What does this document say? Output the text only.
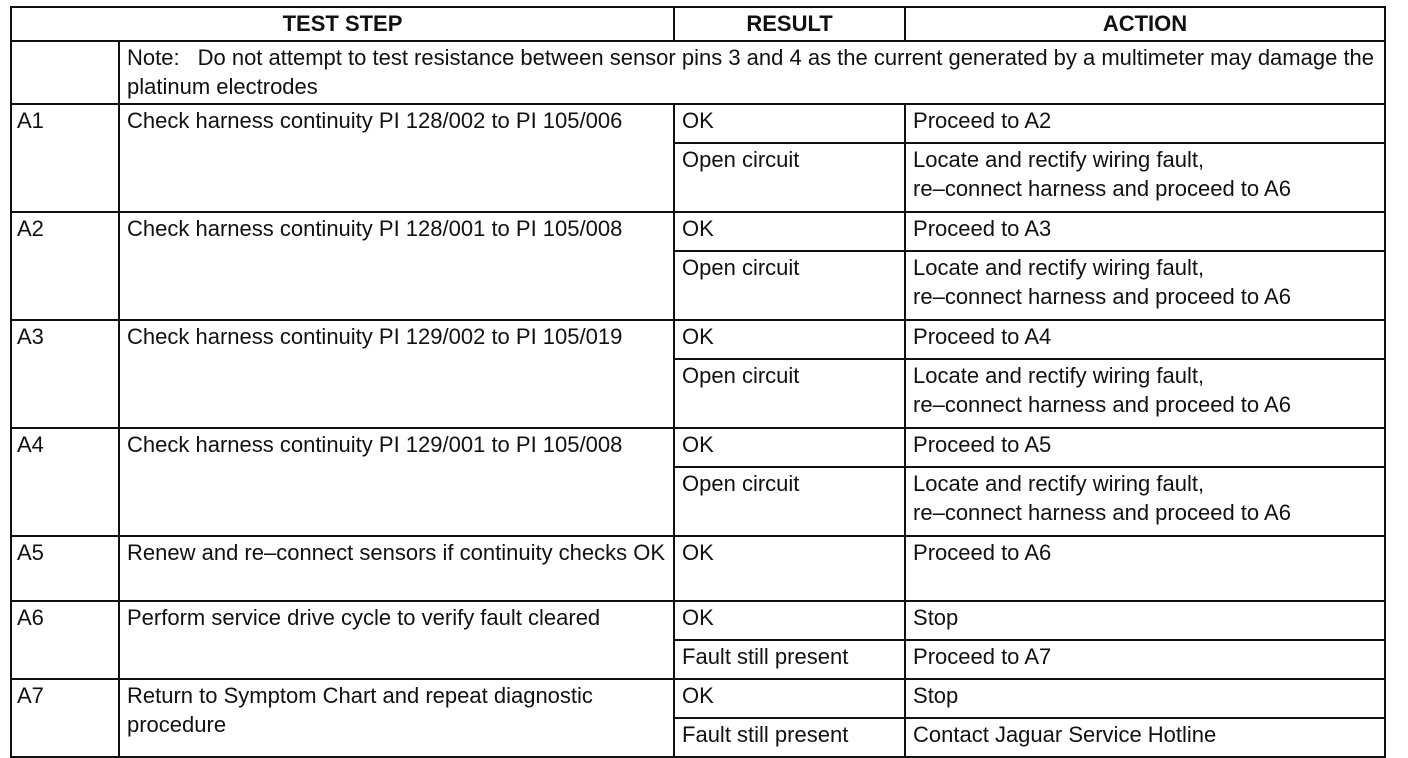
TEST STEP		RESULT	ACTION
	Note: Do not attempt to test resistance between sensor pins 3 and 4 as the current generated by a multimeter may damage the platinum electrodes		
A1	Check harness continuity PI 128/002 to PI 105/006	OK	Proceed to A2

		Open circuit	Locate and rectify wiring fault,
re–connect harness and proceed to A6

A2	Check harness continuity PI 128/001 to PI 105/008	OK	Proceed to A3

		Open circuit	Locate and rectify wiring fault,
re–connect harness and proceed to A6

A3	Check harness continuity PI 129/002 to PI 105/019	OK	Proceed to A4

		Open circuit	Locate and rectify wiring fault,
re–connect harness and proceed to A6

A4	Check harness continuity PI 129/001 to PI 105/008	OK	Proceed to A5

		Open circuit	Locate and rectify wiring fault,
re–connect harness and proceed to A6

A5	Renew and re–connect sensors if continuity checks OK	OK	Proceed to A6

A6	Perform service drive cycle to verify fault cleared	OK	Stop

		Fault still present	Proceed to A7

A7	Return to Symptom Chart and repeat diagnostic procedure	OK	Stop

		Fault still present	Contact Jaguar Service Hotline
